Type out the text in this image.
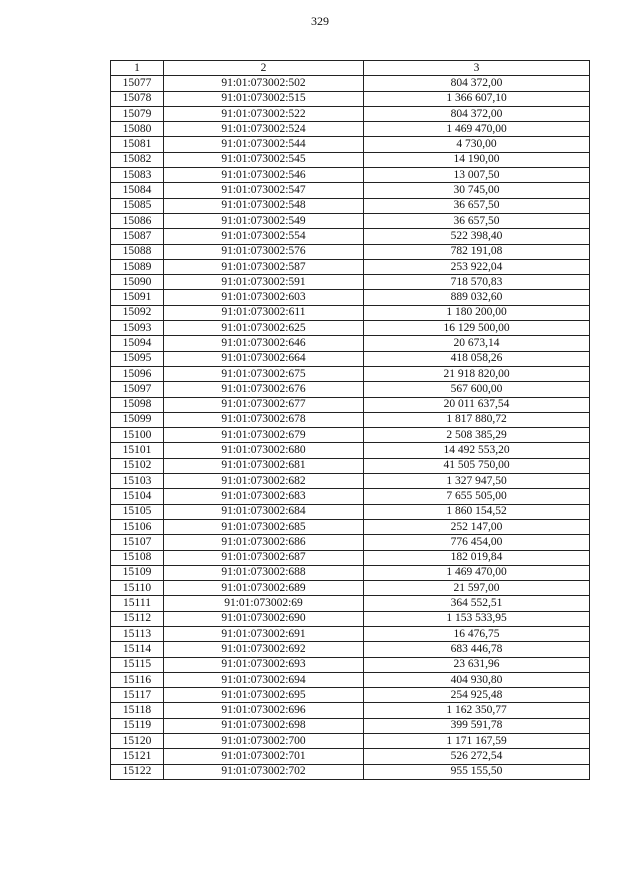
329
1	2	3
15077	91:01:073002:502	804 372,00
15078	91:01:073002:515	1 366 607,10
15079	91:01:073002:522	804 372,00
15080	91:01:073002:524	1 469 470,00
15081	91:01:073002:544	4 730,00
15082	91:01:073002:545	14 190,00
15083	91:01:073002:546	13 007,50
15084	91:01:073002:547	30 745,00
15085	91:01:073002:548	36 657,50
15086	91:01:073002:549	36 657,50
15087	91:01:073002:554	522 398,40
15088	91:01:073002:576	782 191,08
15089	91:01:073002:587	253 922,04
15090	91:01:073002:591	718 570,83
15091	91:01:073002:603	889 032,60
15092	91:01:073002:611	1 180 200,00
15093	91:01:073002:625	16 129 500,00
15094	91:01:073002:646	20 673,14
15095	91:01:073002:664	418 058,26
15096	91:01:073002:675	21 918 820,00
15097	91:01:073002:676	567 600,00
15098	91:01:073002:677	20 011 637,54
15099	91:01:073002:678	1 817 880,72
15100	91:01:073002:679	2 508 385,29
15101	91:01:073002:680	14 492 553,20
15102	91:01:073002:681	41 505 750,00
15103	91:01:073002:682	1 327 947,50
15104	91:01:073002:683	7 655 505,00
15105	91:01:073002:684	1 860 154,52
15106	91:01:073002:685	252 147,00
15107	91:01:073002:686	776 454,00
15108	91:01:073002:687	182 019,84
15109	91:01:073002:688	1 469 470,00
15110	91:01:073002:689	21 597,00
15111	91:01:073002:69	364 552,51
15112	91:01:073002:690	1 153 533,95
15113	91:01:073002:691	16 476,75
15114	91:01:073002:692	683 446,78
15115	91:01:073002:693	23 631,96
15116	91:01:073002:694	404 930,80
15117	91:01:073002:695	254 925,48
15118	91:01:073002:696	1 162 350,77
15119	91:01:073002:698	399 591,78
15120	91:01:073002:700	1 171 167,59
15121	91:01:073002:701	526 272,54
15122	91:01:073002:702	955 155,50
